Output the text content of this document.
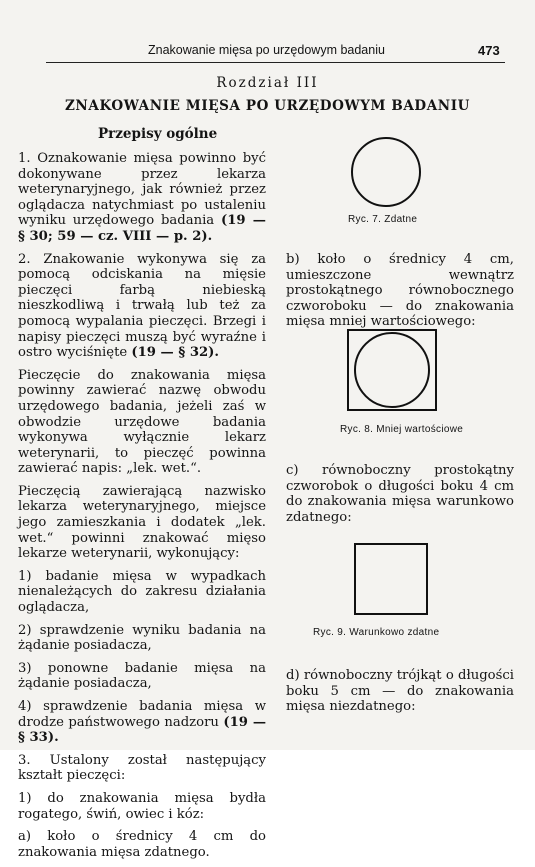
Znakowanie mięsa po urzędowym badaniu	473
Rozdział III
ZNAKOWANIE MIĘSA PO URZĘDOWYM BADANIU
Przepisy ogólne

1. Oznakowanie mięsa powinno być dokonywane przez lekarza weterynaryjnego, jak również przez oglądacza natychmiast po ustaleniu wyniku urzędowego badania (19 — § 30; 59 — cz. VIII — p. 2).

2. Znakowanie wykonywa się za pomocą odciskania na mięsie pieczęci farbą niebieską nieszkodliwą i trwałą lub też za pomocą wypalania pieczęci. Brzegi i napisy pieczęci muszą być wyraźne i ostro wyciśnięte (19 — § 32).

Pieczęcie do znakowania mięsa powinny zawierać nazwę obwodu urzędowego badania, jeżeli zaś w obwodzie urzędowe badania wykonywa wyłącznie lekarz weterynarii, to pieczęć powinna zawierać napis: „lek. wet.“.

Pieczęcią zawierającą nazwisko lekarza weterynaryjnego, miejsce jego zamieszkania i dodatek „lek. wet.“ powinni znakować mięso lekarze weterynarii, wykonujący:

1) badanie mięsa w wypadkach nienależących do zakresu działania oglądacza,

2) sprawdzenie wyniku badania na żądanie posiadacza,

3) ponowne badanie mięsa na żądanie posiadacza,

4) sprawdzenie badania mięsa w drodze państwowego nadzoru (19 — § 33).

3. Ustalony został następujący kształt pieczęci:

1) do znakowania mięsa bydła rogatego, świń, owiec i kóz:

a) koło o średnicy 4 cm do znakowania mięsa zdatnego.

Ryc. 7. Zdatne

b) koło o średnicy 4 cm, umieszczone wewnątrz prostokątnego równobocznego czworoboku — do znakowania mięsa mniej wartościowego:

Ryc. 8. Mniej wartościowe

c) równoboczny prostokątny czworobok o długości boku 4 cm do znakowania mięsa warunkowo zdatnego:

Ryc. 9. Warunkowo zdatne

d) równoboczny trójkąt o długości boku 5 cm — do znakowania mięsa niezdatnego:
